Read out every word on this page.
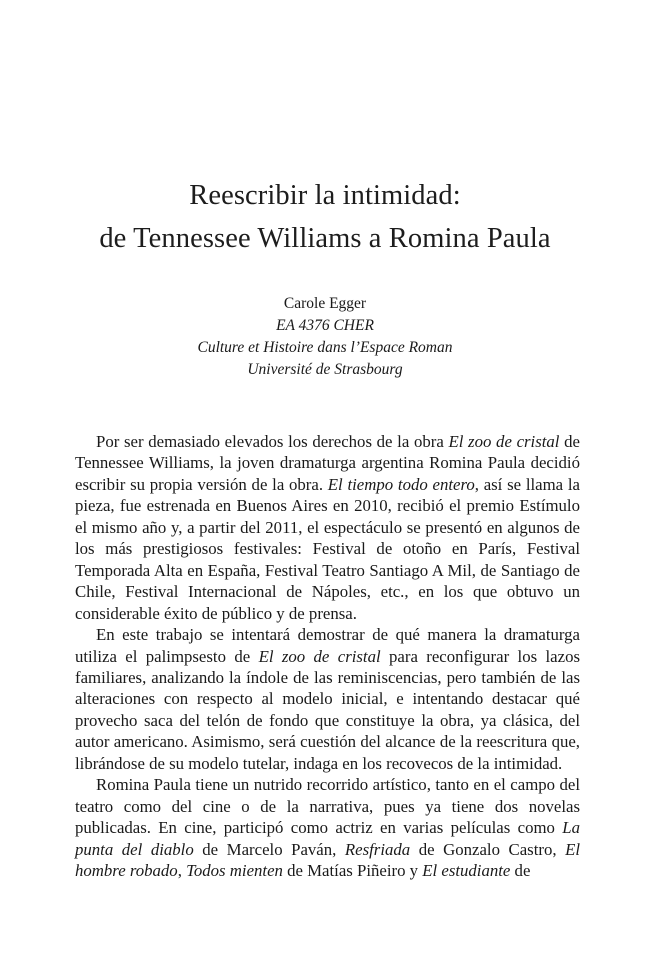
Reescribir la intimidad:
de Tennessee Williams a Romina Paula
Carole Egger
EA 4376 CHER
Culture et Histoire dans l’Espace Roman
Université de Strasbourg

Por ser demasiado elevados los derechos de la obra El zoo de cristal de Tennessee Williams, la joven dramaturga argentina Romina Paula decidió escribir su propia versión de la obra. El tiempo todo entero, así se llama la pieza, fue estrenada en Buenos Aires en 2010, recibió el premio Estímulo el mismo año y, a partir del 2011, el espectáculo se presentó en algunos de los más prestigiosos festivales: Festival de otoño en París, Festival Temporada Alta en España, Festival Teatro Santiago A Mil, de Santiago de Chile, Festival Internacional de Nápoles, etc., en los que obtuvo un considerable éxito de público y de prensa.

En este trabajo se intentará demostrar de qué manera la dramaturga utiliza el palimpsesto de El zoo de cristal para reconfigurar los lazos familiares, analizando la índole de las reminiscencias, pero también de las alteraciones con respecto al modelo inicial, e intentando destacar qué provecho saca del telón de fondo que constituye la obra, ya clásica, del autor americano. Asimismo, será cuestión del alcance de la reescritura que, librándose de su modelo tutelar, indaga en los recovecos de la intimidad.

Romina Paula tiene un nutrido recorrido artístico, tanto en el campo del teatro como del cine o de la narrativa, pues ya tiene dos novelas publicadas. En cine, participó como actriz en varias películas como La punta del diablo de Marcelo Paván, Resfriada de Gonzalo Castro, El hombre robado, Todos mienten de Matías Piñeiro y El estudiante de
